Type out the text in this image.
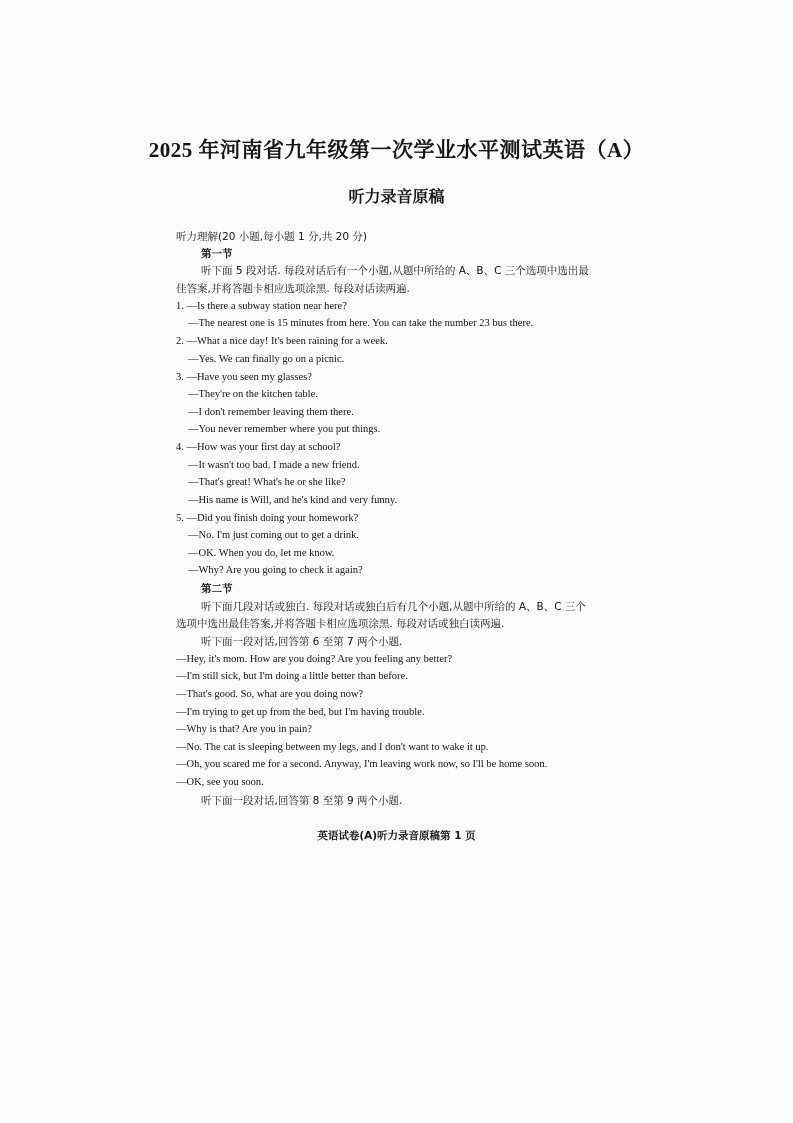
2025 年河南省九年级第一次学业水平测试英语（A）
听力录音原稿
听力理解(20 小题,每小题 1 分,共 20 分)
第一节
听下面 5 段对话. 每段对话后有一个小题,从题中所给的 A、B、C 三个选项中选出最
佳答案,并将答题卡相应选项涂黑. 每段对话读两遍.
1. —Is there a subway station near here?
—The nearest one is 15 minutes from here. You can take the number 23 bus there.
2. —What a nice day! It's been raining for a week.
—Yes. We can finally go on a picnic.
3. —Have you seen my glasses?
—They're on the kitchen table.
—I don't remember leaving them there.
—You never remember where you put things.
4. —How was your first day at school?
—It wasn't too bad. I made a new friend.
—That's great! What's he or she like?
—His name is Will, and he's kind and very funny.
5. —Did you finish doing your homework?
—No. I'm just coming out to get a drink.
—OK. When you do, let me know.
—Why? Are you going to check it again?
第二节
听下面几段对话或独白. 每段对话或独白后有几个小题,从题中所给的 A、B、C 三个
选项中选出最佳答案,并将答题卡相应选项涂黑. 每段对话或独白读两遍.
听下面一段对话,回答第 6 至第 7 两个小题.
—Hey, it's mom. How are you doing? Are you feeling any better?
—I'm still sick, but I'm doing a little better than before.
—That's good. So, what are you doing now?
—I'm trying to get up from the bed, but I'm having trouble.
—Why is that? Are you in pain?
—No. The cat is sleeping between my legs, and I don't want to wake it up.
—Oh, you scared me for a second. Anyway, I'm leaving work now, so I'll be home soon.
—OK, see you soon.
听下面一段对话,回答第 8 至第 9 两个小题.
英语试卷(A)听力录音原稿第 1 页
